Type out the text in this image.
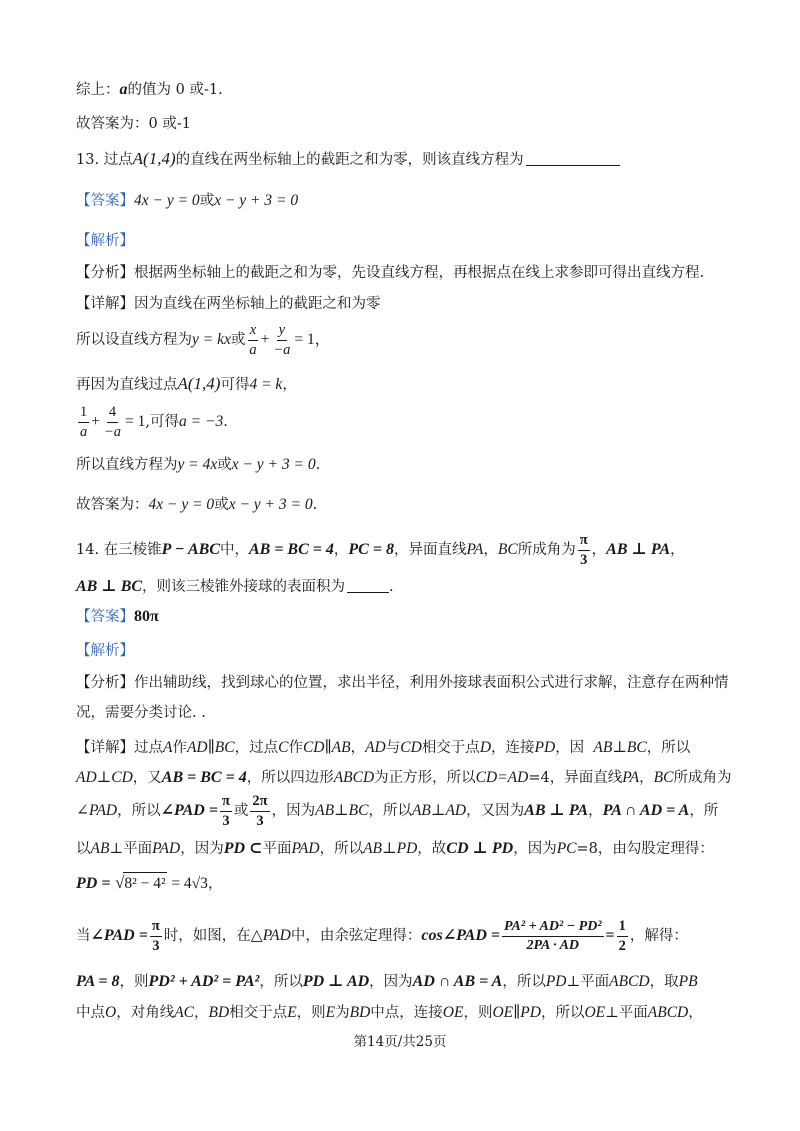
综上：a的值为 0 或-1.
故答案为：0 或-1
13. 过点A(1,4)的直线在两坐标轴上的截距之和为零，则该直线方程为
【答案】4x − y = 0或x − y + 3 = 0
【解析】
【分析】根据两坐标轴上的截距之和为零，先设直线方程，再根据点在线上求参即可得出直线方程.
【详解】因为直线在两坐标轴上的截距之和为零
所以设直线方程为y = kx或 $\frac{x}{a} + \frac{y}{-a} = 1$，
再因为直线过点A(1,4)可得4 = k，
$\frac{1}{a} + \frac{4}{-a} = 1$,可得a = −3.
所以直线方程为y = 4x或x − y + 3 = 0.
故答案为：4x − y = 0或x − y + 3 = 0.
14. 在三棱锥P − ABC中，AB = BC = 4，PC = 8，异面直线PA，BC所成角为 $\frac{\pi}{3}$ ，AB ⊥ PA，
AB ⊥ BC，则该三棱锥外接球的表面积为	.
【答案】80π
【解析】
【分析】作出辅助线，找到球心的位置，求出半径，利用外接球表面积公式进行求解，注意存在两种情
况，需要分类讨论. .
【详解】过点A作AD∥BC，过点C作CD∥AB，AD与CD相交于点D，连接PD，因 AB⊥BC，所以
AD⊥CD，又AB = BC = 4，所以四边形ABCD为正方形，所以CD=AD=4，异面直线PA，BC所成角为
∠PAD，所以∠PAD = $\frac{\pi}{3}$ 或 $\frac{2\pi}{3}$ ，因为AB⊥BC，所以AB⊥AD，又因为AB ⊥ PA，PA ∩ AD = A，所
以AB⊥平面PAD，因为PD ⊂平面PAD，所以AB⊥PD，故CD ⊥ PD，因为PC=8，由勾股定理得：
PD = √8² − 4² = 4√3，
当∠PAD = $\frac{\pi}{3}$ 时，如图，在△PAD中，由余弦定理得：cos∠PAD = $\frac{\text{PA² + AD² − PD²}}{2PA \cdot AD} = \frac{1}{2}$ ，解得：
PA = 8，则PD² + AD² = PA²，所以PD ⊥ AD，因为AD ∩ AB = A，所以PD⊥平面ABCD，取PB
中点O，对角线AC，BD相交于点E，则E为BD中点，连接OE，则OE∥PD，所以OE⊥平面ABCD，
第14页/共25页
